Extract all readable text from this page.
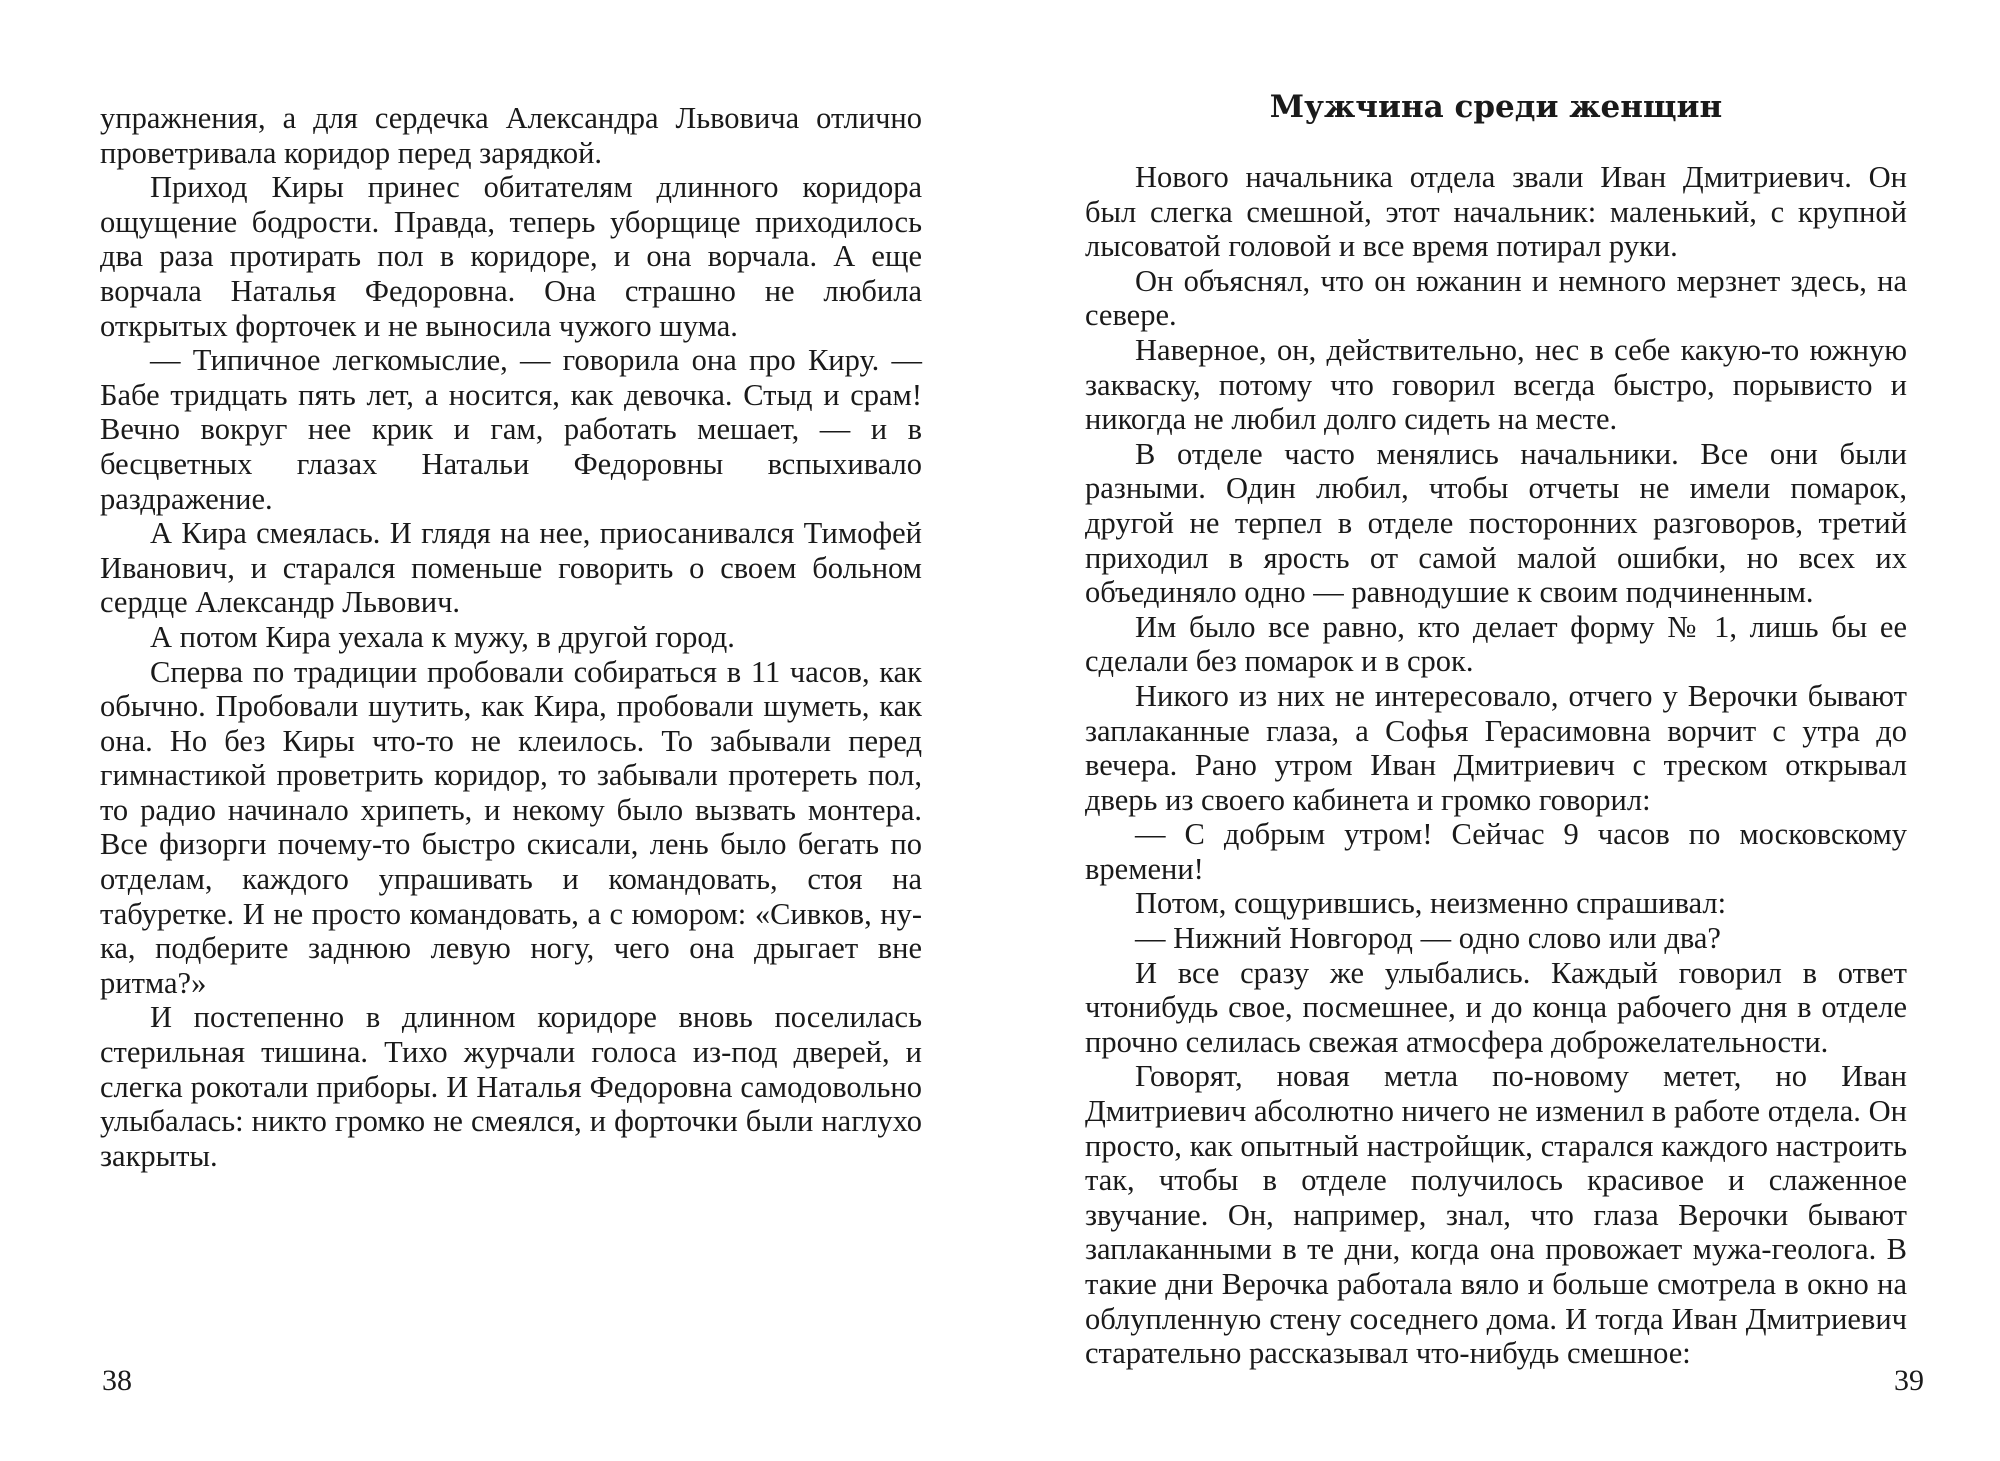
упражнения, а для сердечка Александра Львовича отлично проветривала коридор перед зарядкой.

Приход Киры принес обитателям длинного коридора ощущение бодрости. Правда, теперь уборщице приходилось два раза протирать пол в коридоре, и она ворчала. А еще ворчала Наталья Федоровна. Она страшно не любила открытых форточек и не выносила чужого шума.

— Типичное легкомыслие, — говорила она про Киру. — Бабе тридцать пять лет, а носится, как девочка. Стыд и срам! Вечно вокруг нее крик и гам, работать мешает, — и в бесцветных глазах Натальи Федоровны вспыхивало раздражение.

А Кира смеялась. И глядя на нее, приосанивался Тимофей Иванович, и старался поменьше говорить о своем больном сердце Александр Львович.

А потом Кира уехала к мужу, в другой город.

Сперва по традиции пробовали собираться в 11 часов, как обычно. Пробовали шутить, как Кира, пробовали шуметь, как она. Но без Киры что-то не клеилось. То забывали перед гимнастикой проветрить коридор, то забывали протереть пол, то радио начинало хрипеть, и некому было вызвать монтера. Все физорги почему-то быстро скисали, лень было бегать по отделам, каждого упрашивать и командовать, стоя на табуретке. И не просто командовать, а с юмором: «Сивков, ну-ка, подберите заднюю левую ногу, чего она дрыгает вне ритма?»

И постепенно в длинном коридоре вновь поселилась стерильная тишина. Тихо журчали голоса из-под дверей, и слегка рокотали приборы. И Наталья Федоровна самодовольно улыбалась: никто громко не смеялся, и форточки были наглухо закрыты.

38
Мужчина среди женщин

Нового начальника отдела звали Иван Дмитриевич. Он был слегка смешной, этот начальник: маленький, с крупной лысоватой головой и все время потирал руки.

Он объяснял, что он южанин и немного мерзнет здесь, на севере.

Наверное, он, действительно, нес в себе какую-то южную закваску, потому что говорил всегда быстро, порывисто и никогда не любил долго сидеть на месте.

В отделе часто менялись начальники. Все они были разными. Один любил, чтобы отчеты не имели помарок, другой не терпел в отделе посторонних разговоров, третий приходил в ярость от самой малой ошибки, но всех их объединяло одно — равнодушие к своим подчиненным.

Им было все равно, кто делает форму № 1, лишь бы ее сделали без помарок и в срок.

Никого из них не интересовало, отчего у Верочки бывают заплаканные глаза, а Софья Герасимовна ворчит с утра до вечера. Рано утром Иван Дмитриевич с треском открывал дверь из своего кабинета и громко говорил:

— С добрым утром! Сейчас 9 часов по московскому времени!

Потом, сощурившись, неизменно спрашивал:

— Нижний Новгород — одно слово или два?

И все сразу же улыбались. Каждый говорил в ответ чтонибудь свое, посмешнее, и до конца рабочего дня в отделе прочно селилась свежая атмосфера доброжелательности.

Говорят, новая метла по-новому метет, но Иван Дмитриевич абсолютно ничего не изменил в работе отдела. Он просто, как опытный настройщик, старался каждого настроить так, чтобы в отделе получилось красивое и слаженное звучание. Он, например, знал, что глаза Верочки бывают заплаканными в те дни, когда она провожает мужа-геолога. В такие дни Верочка работала вяло и больше смотрела в окно на облупленную стену соседнего дома. И тогда Иван Дмитриевич старательно рассказывал что-нибудь смешное:

39
